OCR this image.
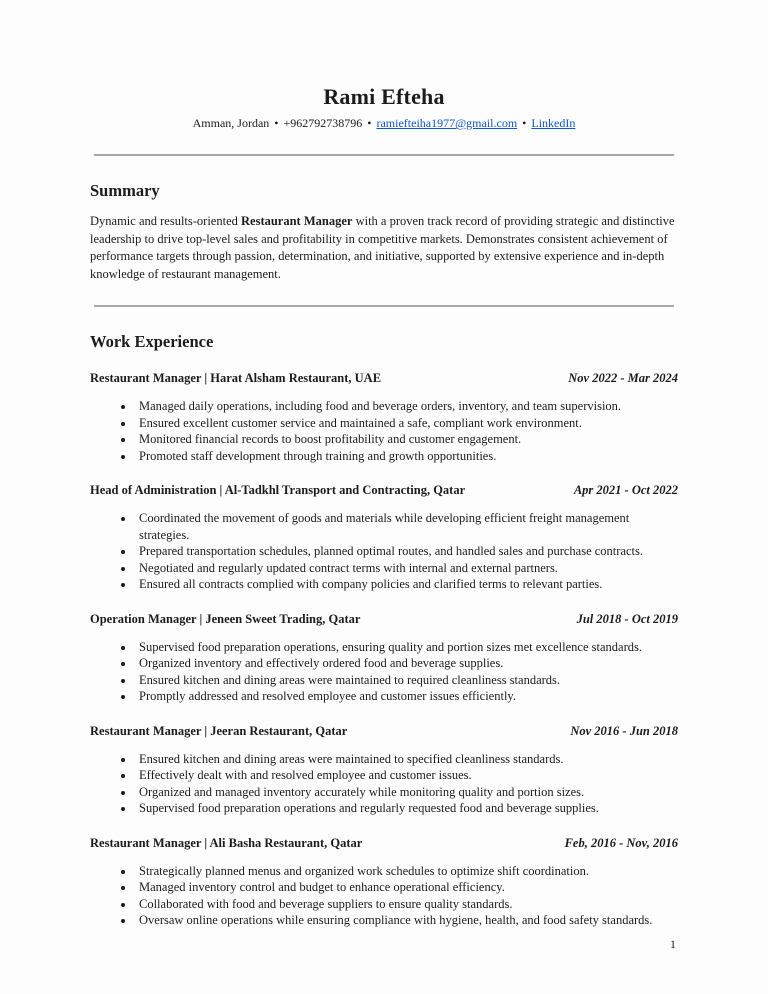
Rami Efteha

Amman, Jordan • +962792738796 • ramiefteiha1977@gmail.com • LinkedIn

Summary

Dynamic and results-oriented Restaurant Manager with a proven track record of providing strategic and distinctive leadership to drive top-level sales and profitability in competitive markets. Demonstrates consistent achievement of performance targets through passion, determination, and initiative, supported by extensive experience and in-depth knowledge of restaurant management.

Work Experience
Restaurant Manager | Harat Alsham Restaurant, UAE	Nov 2022 - Mar 2024
• Managed daily operations, including food and beverage orders, inventory, and team supervision.
• Ensured excellent customer service and maintained a safe, compliant work environment.
• Monitored financial records to boost profitability and customer engagement.
• Promoted staff development through training and growth opportunities.
Head of Administration | Al-Tadkhl Transport and Contracting, Qatar	Apr 2021 - Oct 2022
• Coordinated the movement of goods and materials while developing efficient freight management strategies.
• Prepared transportation schedules, planned optimal routes, and handled sales and purchase contracts.
• Negotiated and regularly updated contract terms with internal and external partners.
• Ensured all contracts complied with company policies and clarified terms to relevant parties.
Operation Manager | Jeneen Sweet Trading, Qatar	Jul 2018 - Oct 2019
• Supervised food preparation operations, ensuring quality and portion sizes met excellence standards.
• Organized inventory and effectively ordered food and beverage supplies.
• Ensured kitchen and dining areas were maintained to required cleanliness standards.
• Promptly addressed and resolved employee and customer issues efficiently.
Restaurant Manager | Jeeran Restaurant, Qatar	Nov 2016 - Jun 2018
• Ensured kitchen and dining areas were maintained to specified cleanliness standards.
• Effectively dealt with and resolved employee and customer issues.
• Organized and managed inventory accurately while monitoring quality and portion sizes.
• Supervised food preparation operations and regularly requested food and beverage supplies.
Restaurant Manager | Ali Basha Restaurant, Qatar	Feb, 2016 - Nov, 2016
• Strategically planned menus and organized work schedules to optimize shift coordination.
• Managed inventory control and budget to enhance operational efficiency.
• Collaborated with food and beverage suppliers to ensure quality standards.
• Oversaw online operations while ensuring compliance with hygiene, health, and food safety standards.
1
